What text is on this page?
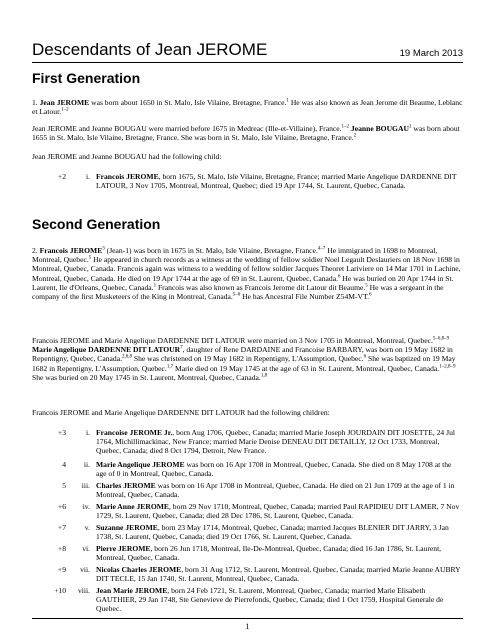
Descendants of Jean JEROME	19 March 2013
First Generation

1. Jean JEROME was born about 1650 in St. Malo, Isle Vilaine, Bretagne, France.$^1$ He was also known as Jean Jerome dit Beaume, Leblanc et Latour.$^{1-2}$

Jean JEROME and Jeanne BOUGAU were married before 1675 in Medreac (Ille-et-Villaine), France.$^{1-2}$ Jeanne BOUGAU$^1$ was born about 1655 in St. Malo, Isle Vilaine, Bretagne, France. She was born in St. Malo, Isle Vilaine, Bretagne, France.$^2$

Jean JEROME and Jeanne BOUGAU had the following child:

+2	i. Francois JEROME, born 1675, St. Malo, Isle Vilaine, Bretagne, France; married Marie Angelique DARDENNE DIT LATOUR, 3 Nov 1705, Montreal, Montreal, Quebec; died 19 Apr 1744, St. Laurent, Quebec, Canada.
Second Generation

2. Francois JEROME$^3$ (Jean-1) was born in 1675 in St. Malo, Isle Vilaine, Bretagne, France.$^{4-7}$ He immigrated in 1698 to Montreal, Montreal, Quebec.$^5$ He appeared in church records as a witness at the wedding of fellow soldier Noel Legault Deslauriers on 18 Nov 1698 in Montreal, Quebec, Canada. Francois again was witness to a wedding of fellow soldier Jacques Theoret Lariviere on 14 Mar 1701 in Lachine, Montreal, Quebec, Canada. He died on 19 Apr 1744 at the age of 69 in St. Laurent, Quebec, Canada.$^6$ He was buried on 20 Apr 1744 in St. Laurent, Ile d'Orleans, Quebec, Canada.$^1$ Francois was also known as Francois Jerome dit Latour dit Beaume.$^5$ He was a sergeant in the company of the first Musketeers of the King in Montreal, Canada.$^{5-6}$ He has Ancestral File Number Z54M-VT.$^6$

Francois JEROME and Marie Angelique DARDENNE DIT LATOUR were married on 3 Nov 1705 in Montreal, Montreal, Quebec.$^{5-6,8-9}$ Marie Angelique DARDENNE DIT LATOUR$^7$, daughter of Rene DARDAINE and Francoise BARBARY, was born on 19 May 1682 in Repentigny, Quebec, Canada.$^{2,6,8}$ She was christened on 19 May 1682 in Repentigny, L'Assumption, Quebec.$^6$ She was baptized on 19 May 1682 in Repentigny, L'Assumption, Quebec.$^{1,7}$ Marie died on 19 May 1745 at the age of 63 in St. Laurent, Montreal, Quebec, Canada.$^{1-2,8-9}$ She was buried on 20 May 1745 in St. Laurent, Montreal, Quebec, Canada.$^{1,8}$

Francois JEROME and Marie Angelique DARDENNE DIT LATOUR had the following children:

+3	i. Francoise JEROME Jr., born Aug 1706, Quebec, Canada; married Marie Joseph JOURDAIN DIT JOSETTE, 24 Jul 1764, Michillimackinac, New France; married Marie Denise DENEAU DIT DETAILLY, 12 Oct 1733, Montreal, Quebec, Canada; died 8 Oct 1794, Detroit, New France.
4	ii. Marie Angelique JEROME was born on 16 Apr 1708 in Montreal, Quebec, Canada. She died on 8 May 1708 at the age of 0 in Montreal, Quebec, Canada.
5	iii. Charles JEROME was born on 16 Apr 1708 in Montreal, Quebec, Canada. He died on 21 Jun 1709 at the age of 1 in Montreal, Quebec, Canada.
+6	iv. Marie Anne JEROME, born 29 Nov 1710, Montreal, Quebec, Canada; married Paul RAPIDIEU DIT LAMER, 7 Nov 1729, St. Laurent, Quebec, Canada; died 28 Dec 1786, St. Laurent, Quebec, Canada.
+7	v. Suzanne JEROME, born 23 May 1714, Montreal, Quebec, Canada; married Jacques BLENIER DIT JARRY, 3 Jan 1738, St. Laurent, Quebec, Canada; died 19 Oct 1766, St. Laurent, Quebec, Canada.
+8	vi. Pierre JEROME, born 26 Jun 1718, Montreal, Ile-De-Montreal, Quebec, Canada; died 16 Jan 1786, St. Laurent, Montreal, Quebec, Canada.
+9	vii. Nicolas Charles JEROME, born 31 Aug 1712, St. Laurent, Montreal, Quebec, Canada; married Marie Jeanne AUBRY DIT TECLE, 15 Jan 1740, St. Laurent, Montreal, Quebec, Canada.
+10	viii. Jean Marie JEROME, born 24 Feb 1721, St. Laurent, Montreal, Quebec, Canada; married Marie Elisabeth GAUTHIER, 29 Jan 1748, Ste Genevieve de Pierrefonds, Quebec, Canada; died 1 Oct 1759, Hospital Generale de Quebec.
1
